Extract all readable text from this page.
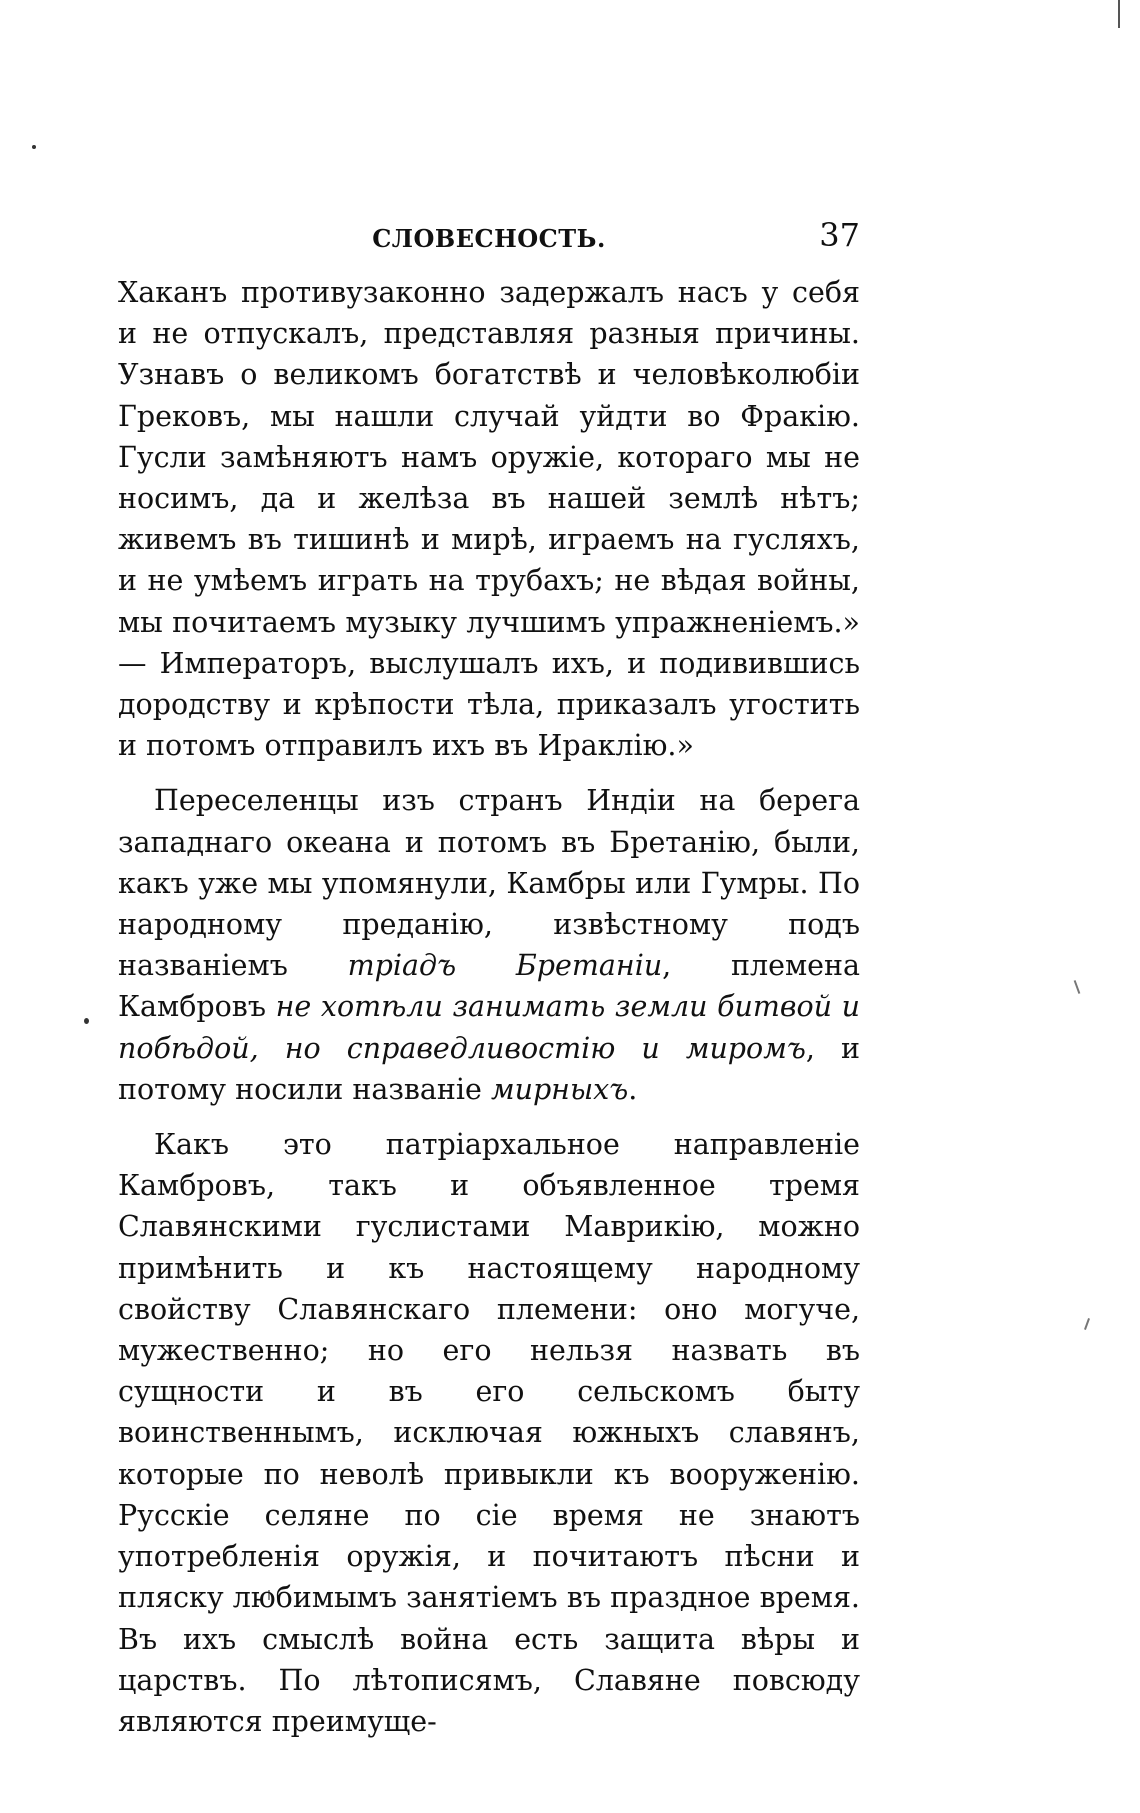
СЛОВЕСНОСТЬ.	37

Хаканъ противузаконно задержалъ насъ у себя и не отпускалъ, представляя разныя причины. Узнавъ о великомъ богатствѣ и человѣколюбіи Грековъ, мы нашли случай уйдти во Фракію. Гусли замѣняютъ намъ оружіе, котораго мы не носимъ, да и желѣза въ нашей землѣ нѣтъ; живемъ въ тишинѣ и мирѣ, играемъ на гусляхъ, и не умѣемъ играть на трубахъ; не вѣдая войны, мы почитаемъ музыку лучшимъ упражненіемъ.» — Императоръ, выслушалъ ихъ, и подивившись дородству и крѣпости тѣла, приказалъ угостить и потомъ отправилъ ихъ въ Ираклію.»

Переселенцы изъ странъ Индіи на берега западнаго океана и потомъ въ Бретанію, были, какъ уже мы упомянули, Камбры или Гумры. По народному преданію, извѣстному подъ названіемъ тріадъ Бретаніи, племена Камбровъ не хотѣли занимать земли битвой и побѣдой, но справедливостію и миромъ, и потому носили названіе мирныхъ.

Какъ это патріархальное направленіе Камбровъ, такъ и объявленное тремя Славянскими гуслистами Маврикію, можно примѣнить и къ настоящему народному свойству Славянскаго племени: оно могуче, мужественно; но его нельзя назвать въ сущности и въ его сельскомъ быту воинственнымъ, исключая южныхъ славянъ, которые по неволѣ привыкли къ вооруженію. Русскіе селяне по сіе время не знаютъ употребленія оружія, и почитаютъ пѣсни и пляску любимымъ занятіемъ въ праздное время. Въ ихъ смыслѣ война есть защита вѣры и царствъ. По лѣтописямъ, Славяне повсюду являются преимуще-
